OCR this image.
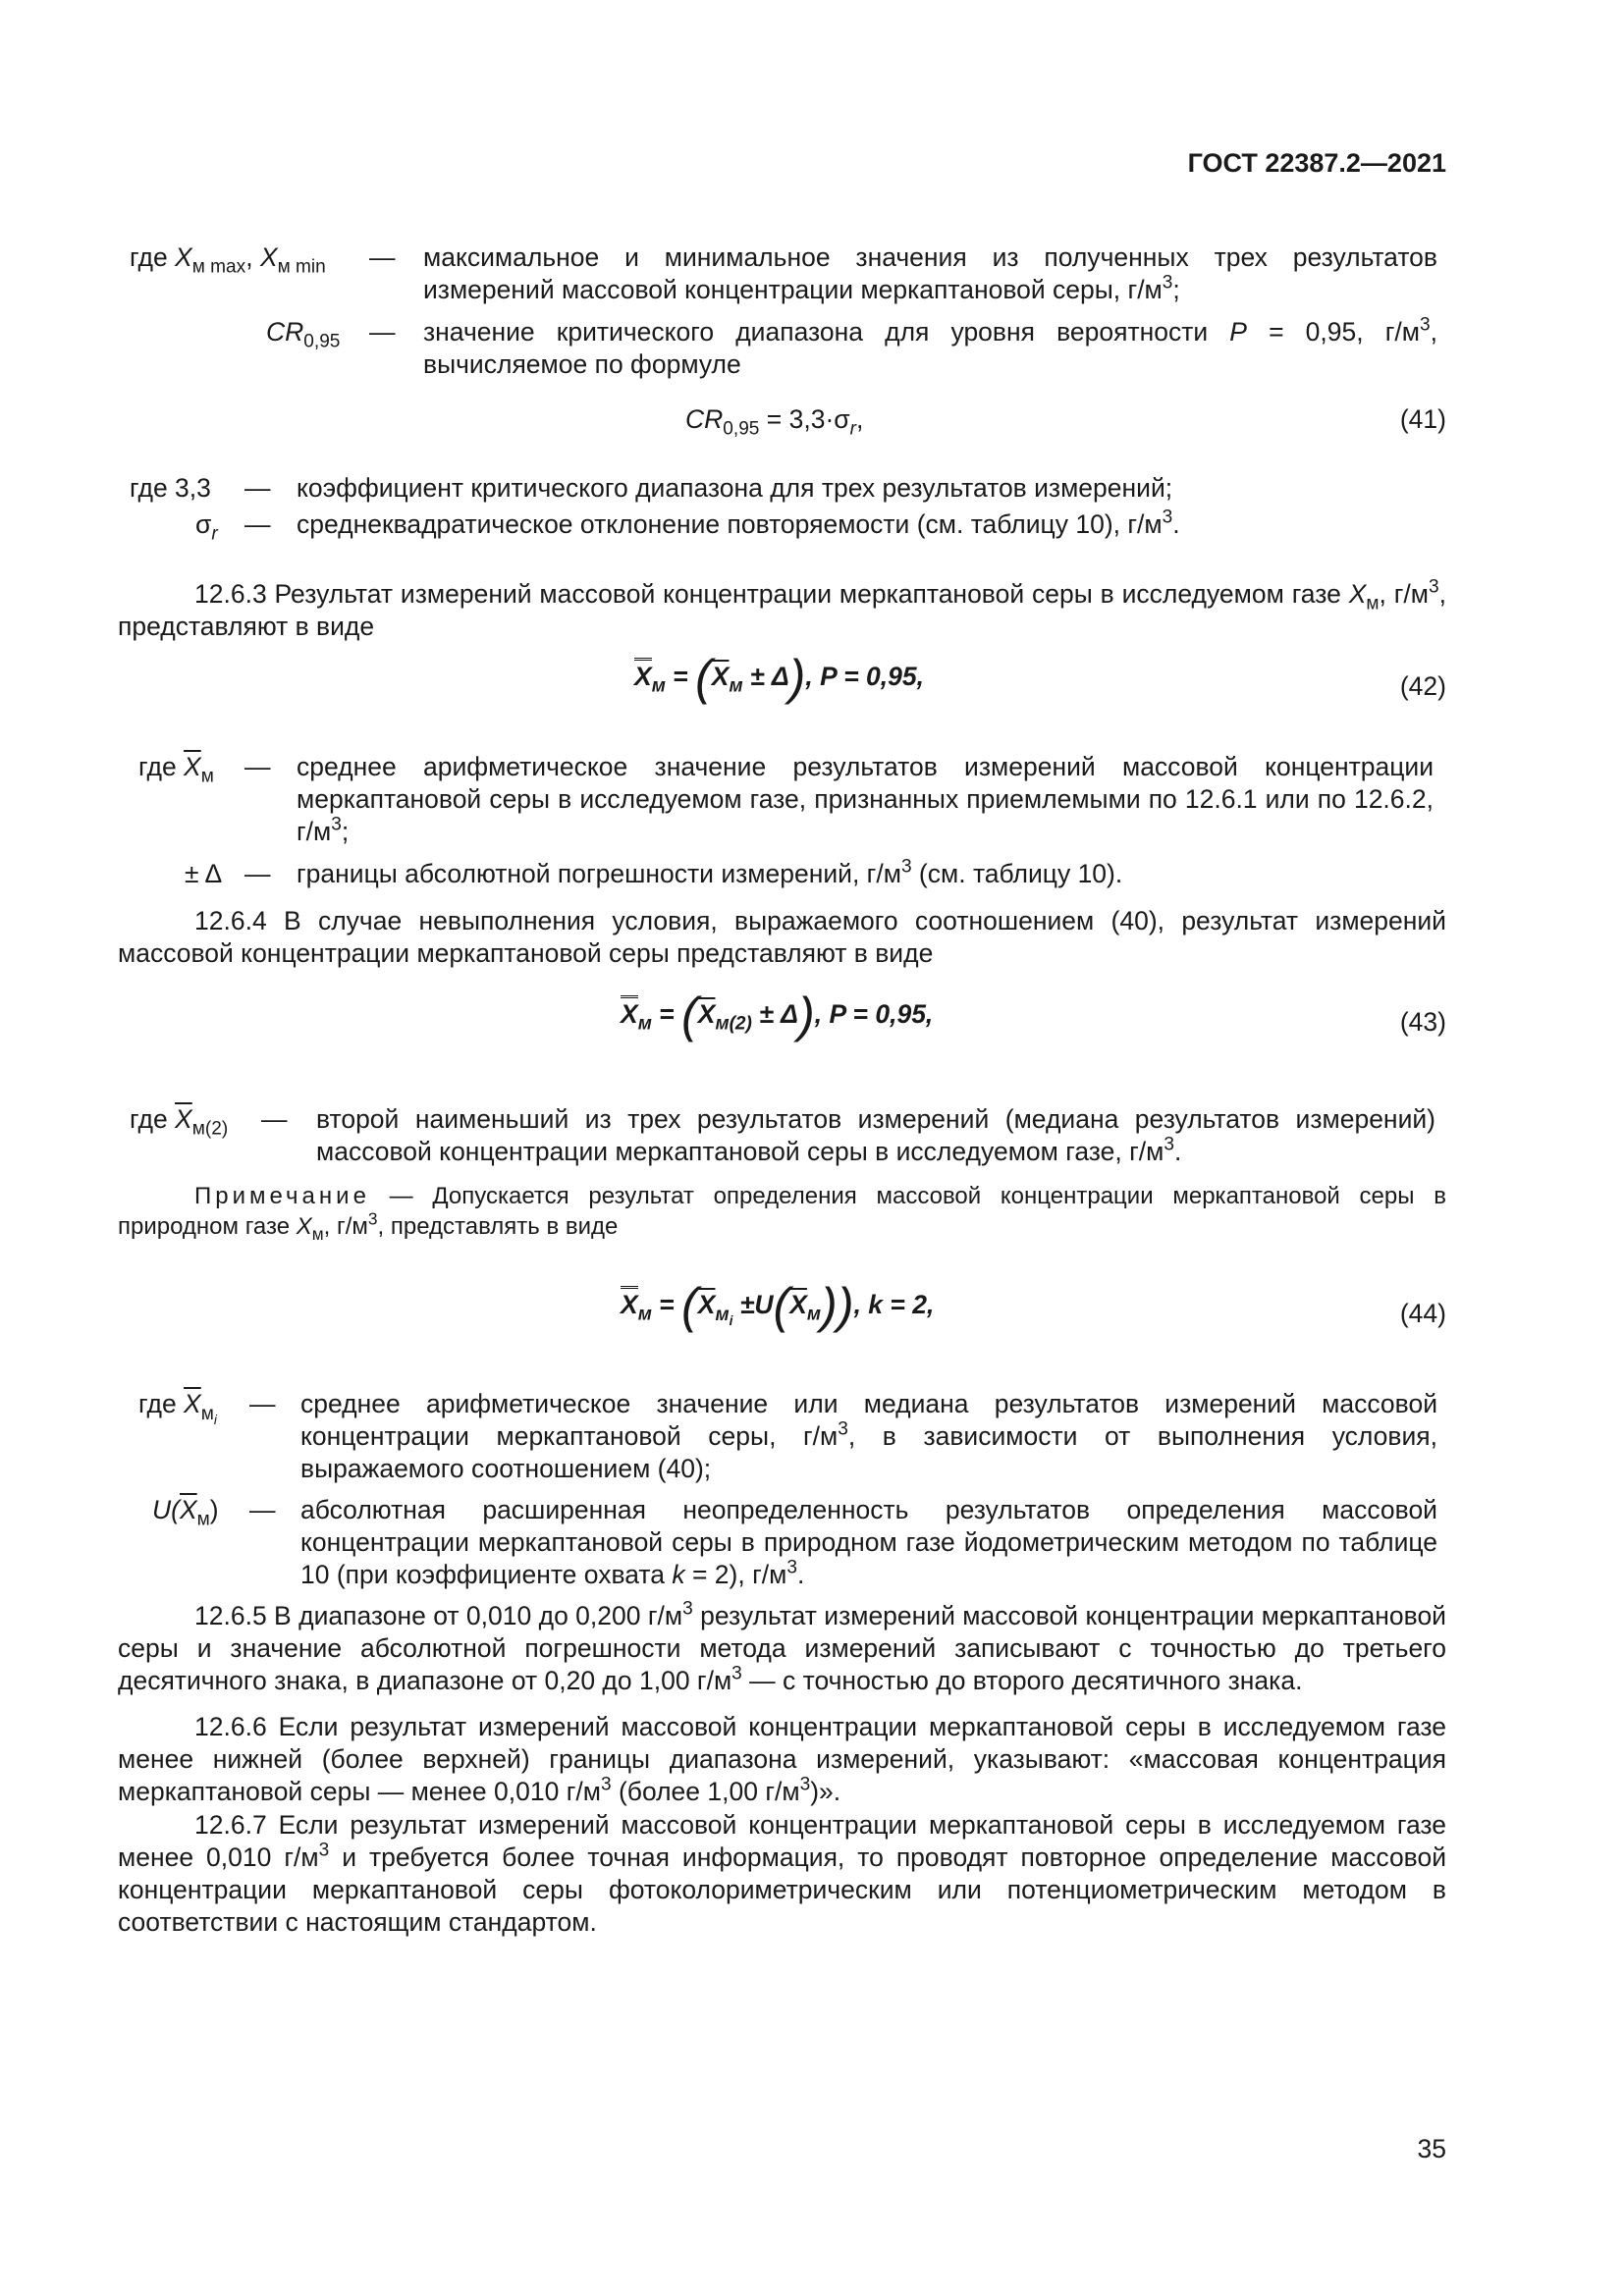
ГОСТ 22387.2—2021
где $X_{м max}$, $X_{м min}$ — максимальное и минимальное значения из полученных трех результатов измерений массовой концентрации меркаптановой серы, $г/м^3$;
$CR_{0,95}$ — значение критического диапазона для уровня вероятности P = 0,95, $г/м^3$, вычисляемое по формуле
$CR_{0,95} = 3,3\cdot\sigma_r$,	(41)
где 3,3 — коэффициент критического диапазона для трех результатов измерений;
$\sigma_r$ — среднеквадратическое отклонение повторяемости (см. таблицу 10), $г/м^3$.
12.6.3 Результат измерений массовой концентрации меркаптановой серы в исследуемом газе $X_м$, $г/м^3$, представляют в виде
$X_м = (\overline{X}_м \pm \Delta)$, P = 0,95,	(42)
где $\overline{X}_м$ — среднее арифметическое значение результатов измерений массовой концентрации меркаптановой серы в исследуемом газе, признанных приемлемыми по 12.6.1 или по 12.6.2, $г/м^3$;
± Δ — границы абсолютной погрешности измерений, $г/м^3$ (см. таблицу 10).
12.6.4 В случае невыполнения условия, выражаемого соотношением (40), результат измерений массовой концентрации меркаптановой серы представляют в виде
$X_м = (\overline{X}_{м(2)} \pm \Delta)$, P = 0,95,	(43)
где $\overline{X}_{м(2)}$ — второй наименьший из трех результатов измерений (медиана результатов измерений) массовой концентрации меркаптановой серы в исследуемом газе, $г/м^3$.
Примечание — Допускается результат определения массовой концентрации меркаптановой серы в природном газе $X_м$, $г/м^3$, представлять в виде
$X_м = (\overline{X}_{м_i} \pm U(\overline{X}_м))$, k = 2,	(44)
где $\overline{X}_{м_i}$
— среднее арифметическое значение или медиана результатов измерений массовой концентрации меркаптановой серы, $г/м^3$, в зависимости от выполнения условия, выражаемого соотношением (40);
$U(\overline{X}_м)$ — абсолютная расширенная неопределенность результатов определения массовой концентрации меркаптановой серы в природном газе йодометрическим методом по таблице 10 (при коэффициенте охвата k = 2), $г/м^3$.
12.6.5 В диапазоне от 0,010 до 0,200 $г/м^3$ результат измерений массовой концентрации меркаптановой серы и значение абсолютной погрешности метода измерений записывают с точностью до третьего десятичного знака, в диапазоне от 0,20 до 1,00 $г/м^3$ — с точностью до второго десятичного знака.
12.6.6 Если результат измерений массовой концентрации меркаптановой серы в исследуемом газе менее нижней (более верхней) границы диапазона измерений, указывают: «массовая концентрация меркаптановой серы — менее 0,010 $г/м^3$ (более 1,00 $г/м^3$)».
12.6.7 Если результат измерений массовой концентрации меркаптановой серы в исследуемом газе менее 0,010 $г/м^3$ и требуется более точная информация, то проводят повторное определение массовой концентрации меркаптановой серы фотоколориметрическим или потенциометрическим методом в соответствии с настоящим стандартом.
35
